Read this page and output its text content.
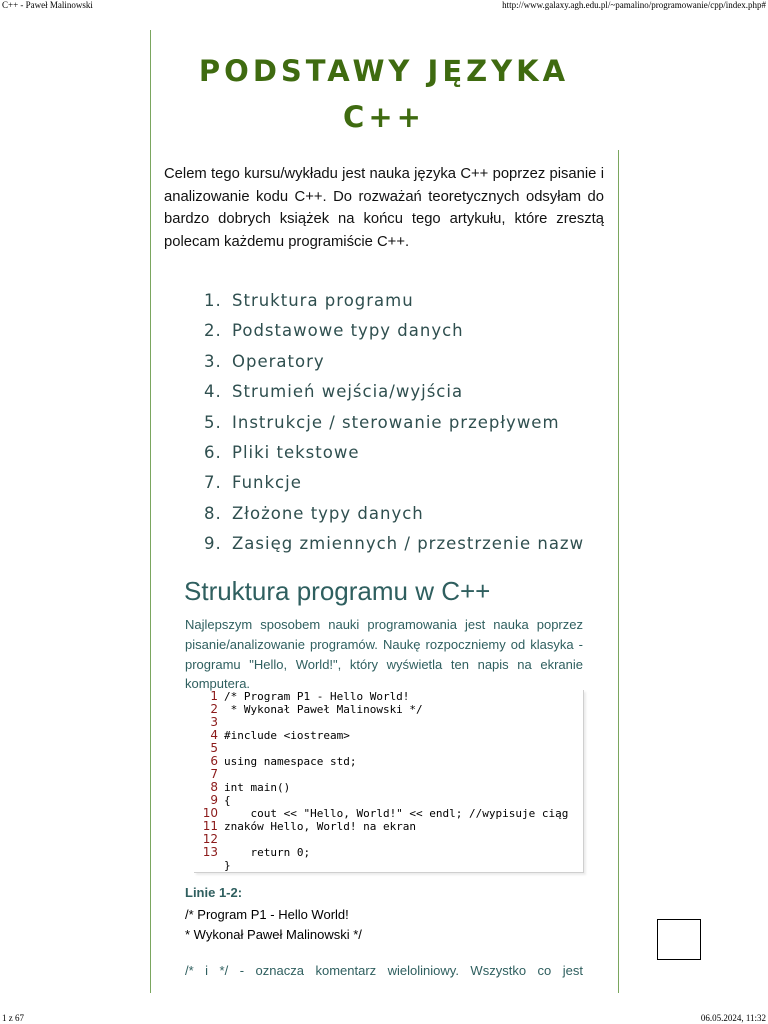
C++ - Paweł Malinowski	http://www.galaxy.agh.edu.pl/~pamalino/programowanie/cpp/index.php#
PODSTAWY JĘZYKA
C++

Celem tego kursu/wykładu jest nauka języka C++ poprzez pisanie i analizowanie kodu C++. Do rozważań teoretycznych odsyłam do bardzo dobrych książek na końcu tego artykułu, które zresztą polecam każdemu programiście C++.

1. Struktura programu
2. Podstawowe typy danych
3. Operatory
4. Strumień wejścia/wyjścia
5. Instrukcje / sterowanie przepływem
6. Pliki tekstowe
7. Funkcje
8. Złożone typy danych
9. Zasięg zmiennych / przestrzenie nazw
Struktura programu w C++

Najlepszym sposobem nauki programowania jest nauka poprzez pisanie/analizowanie programów. Naukę rozpoczniemy od klasyka - programu "Hello, World!", który wyświetla ten napis na ekranie komputera.

1 /* Program P1 - Hello World!
2 * Wykonał Paweł Malinowski */
3
4 #include <iostream>
5
6 using namespace std;
7
8 int main()
9 {
10 cout << "Hello, World!" << endl; //wypisuje ciąg
11 znaków Hello, World! na ekran
12
13 return 0;
}

Linie 1-2:

/* Program P1 - Hello World!
* Wykonał Paweł Malinowski */

/* i */ - oznacza komentarz wieloliniowy. Wszystko co jest

1 z 67	06.05.2024, 11:32
